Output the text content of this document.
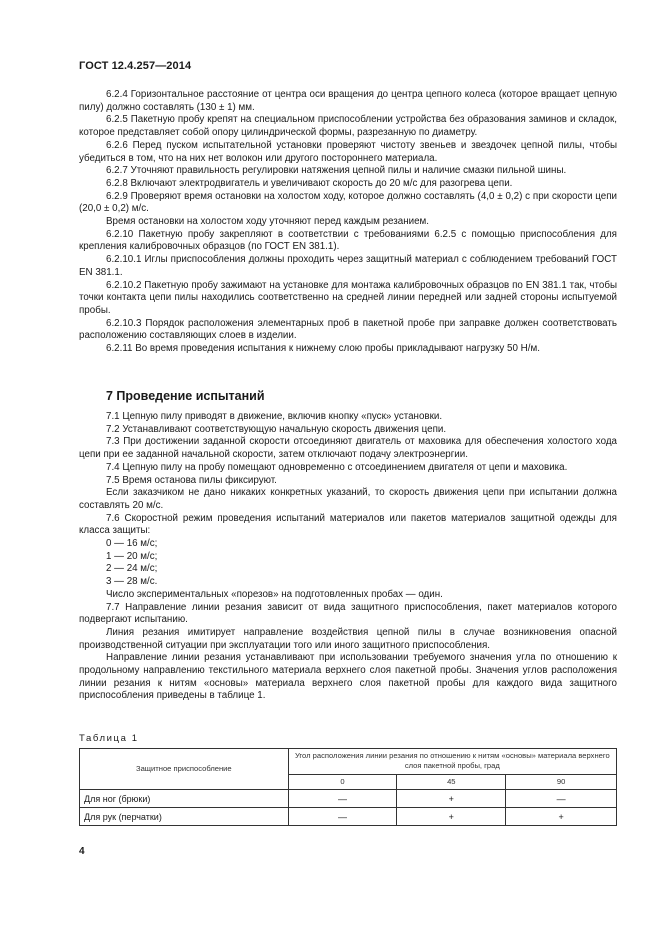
ГОСТ 12.4.257—2014

6.2.4 Горизонтальное расстояние от центра оси вращения до центра цепного колеса (которое вращает цепную пилу) должно составлять (130 ± 1) мм.

6.2.5 Пакетную пробу крепят на специальном приспособлении устройства без образования заминов и складок, которое представляет собой опору цилиндрической формы, разрезанную по диаметру.

6.2.6 Перед пуском испытательной установки проверяют чистоту звеньев и звездочек цепной пилы, чтобы убедиться в том, что на них нет волокон или другого постороннего материала.

6.2.7 Уточняют правильность регулировки натяжения цепной пилы и наличие смазки пильной шины.

6.2.8 Включают электродвигатель и увеличивают скорость до 20 м/с для разогрева цепи.

6.2.9 Проверяют время остановки на холостом ходу, которое должно составлять (4,0 ± 0,2) с при скорости цепи (20,0 ± 0,2) м/с.

Время остановки на холостом ходу уточняют перед каждым резанием.

6.2.10 Пакетную пробу закрепляют в соответствии с требованиями 6.2.5 с помощью приспособления для крепления калибровочных образцов (по ГОСТ EN 381.1).

6.2.10.1 Иглы приспособления должны проходить через защитный материал с соблюдением требований ГОСТ EN 381.1.

6.2.10.2 Пакетную пробу зажимают на установке для монтажа калибровочных образцов по EN 381.1 так, чтобы точки контакта цепи пилы находились соответственно на средней линии передней или задней стороны испытуемой пробы.

6.2.10.3 Порядок расположения элементарных проб в пакетной пробе при заправке должен соответствовать расположению составляющих слоев в изделии.

6.2.11 Во время проведения испытания к нижнему слою пробы прикладывают нагрузку 50 Н/м.

7 Проведение испытаний

7.1 Цепную пилу приводят в движение, включив кнопку «пуск» установки.

7.2 Устанавливают соответствующую начальную скорость движения цепи.

7.3 При достижении заданной скорости отсоединяют двигатель от маховика для обеспечения холостого хода цепи при ее заданной начальной скорости, затем отключают подачу электроэнергии.

7.4 Цепную пилу на пробу помещают одновременно с отсоединением двигателя от цепи и маховика.

7.5 Время останова пилы фиксируют.

Если заказчиком не дано никаких конкретных указаний, то скорость движения цепи при испытании должна составлять 20 м/с.

7.6 Скоростной режим проведения испытаний материалов или пакетов материалов защитной одежды для класса защиты:

0 — 16 м/с;

1 — 20 м/с;

2 — 24 м/с;

3 — 28 м/с.

Число экспериментальных «порезов» на подготовленных пробах — один.

7.7 Направление линии резания зависит от вида защитного приспособления, пакет материалов которого подвергают испытанию.

Линия резания имитирует направление воздействия цепной пилы в случае возникновения опасной производственной ситуации при эксплуатации того или иного защитного приспособления.

Направление линии резания устанавливают при использовании требуемого значения угла по отношению к продольному направлению текстильного материала верхнего слоя пакетной пробы. Значения углов расположения линии резания к нитям «основы» материала верхнего слоя пакетной пробы для каждого вида защитного приспособления приведены в таблице 1.

Таблица 1
Защитное приспособление	Угол расположения линии резания по отношению к нитям «основы» материала верхнего слоя пакетной пробы, град		
	0	45	90
Для ног (брюки)	—	+	—
Для рук (перчатки)	—	+	+
4
